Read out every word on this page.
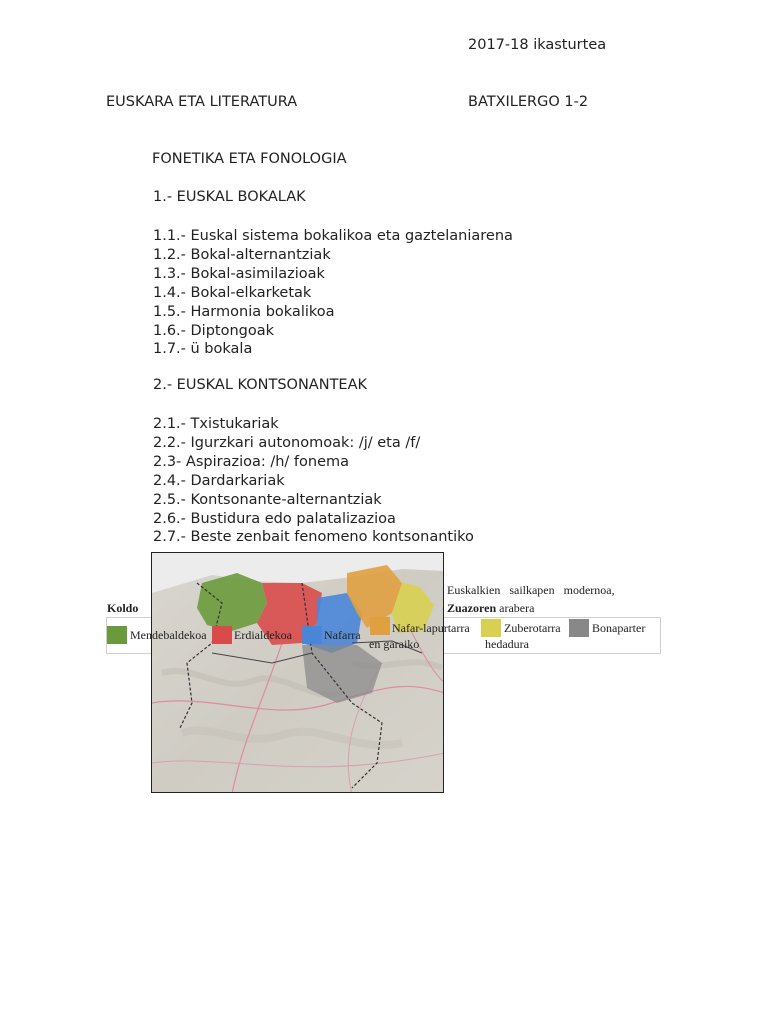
2017-18 ikasturtea
EUSKARA ETA LITERATURA	BATXILERGO 1-2
FONETIKA ETA FONOLOGIA
1.- EUSKAL BOKALAK
1.1.- Euskal sistema bokalikoa eta gaztelaniarena
1.2.- Bokal-alternantziak
1.3.- Bokal-asimilazioak
1.4.- Bokal-elkarketak
1.5.- Harmonia bokalikoa
1.6.- Diptongoak
1.7.- ü bokala
2.- EUSKAL KONTSONANTEAK
2.1.- Txistukariak
2.2.- Igurzkari autonomoak: /j/ eta /f/
2.3- Aspirazioa: /h/ fonema
2.4.- Dardarkariak
2.5.- Kontsonante-alternantziak
2.6.- Bustidura edo palatalizazioa
2.7.- Beste zenbait fenomeno kontsonantiko
Euskalkien   sailkapen   modernoa,
Zuazoren arabera
Koldo
Mendebaldekoa Erdialdekoa	Nafarra	Nafar-lapurtarra
en garaiko
Zuberotarra	Bonaparter
hedadura
